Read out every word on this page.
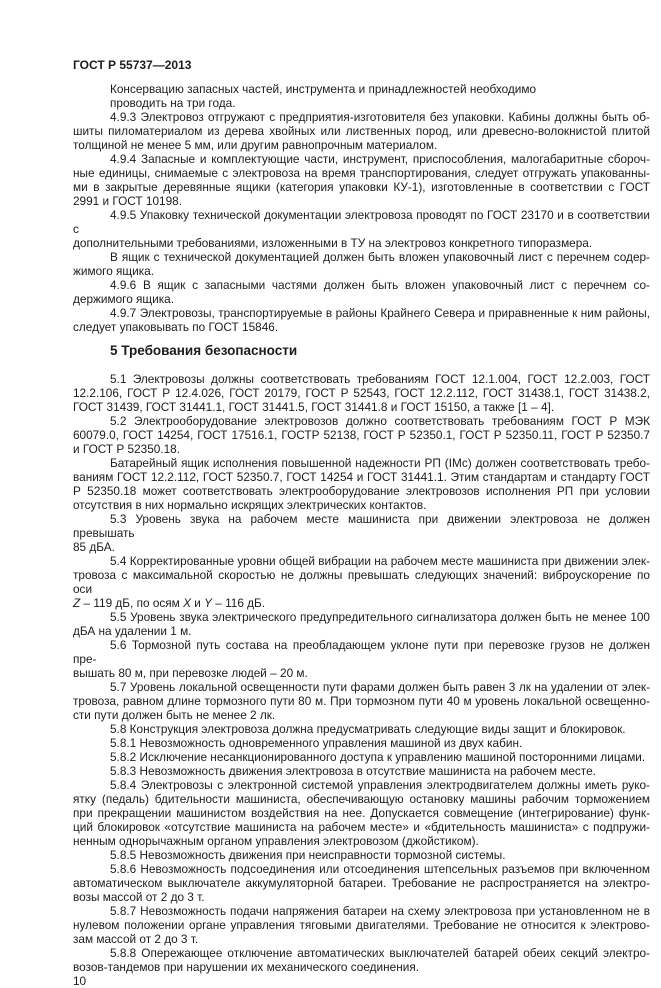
ГОСТ Р 55737—2013

Консервацию запасных частей, инструмента и принадлежностей необходимо
проводить на три года.

4.9.3 Электровоз отгружают с предприятия-изготовителя без упаковки. Кабины должны быть об-
шиты пиломатериалом из дерева хвойных или лиственных пород, или древесно-волокнистой плитой
толщиной не менее 5 мм, или другим равнопрочным материалом.

4.9.4 Запасные и комплектующие части, инструмент, приспособления, малогабаритные сбороч-
ные единицы, снимаемые с электровоза на время транспортирования, следует отгружать упакованны-
ми в закрытые деревянные ящики (категория упаковки КУ-1), изготовленные в соответствии с ГОСТ
2991 и ГОСТ 10198.

4.9.5 Упаковку технической документации электровоза проводят по ГОСТ 23170 и в соответствии с
дополнительными требованиями, изложенными в ТУ на электровоз конкретного типоразмера.

В ящик с технической документацией должен быть вложен упаковочный лист с перечнем содер-
жимого ящика.

4.9.6 В ящик с запасными частями должен быть вложен упаковочный лист с перечнем со-
держимого ящика.

4.9.7 Электровозы, транспортируемые в районы Крайнего Севера и приравненные к ним районы,
следует упаковывать по ГОСТ 15846.

5 Требования безопасности

5.1 Электровозы должны соответствовать требованиям ГОСТ 12.1.004, ГОСТ 12.2.003, ГОСТ
12.2.106, ГОСТ Р 12.4.026, ГОСТ 20179, ГОСТ Р 52543, ГОСТ 12.2.112, ГОСТ 31438.1, ГОСТ 31438.2,
ГОСТ 31439, ГОСТ 31441.1, ГОСТ 31441.5, ГОСТ 31441.8 и ГОСТ 15150, а также [1 – 4].

5.2 Электрооборудование электровозов должно соответствовать требованиям ГОСТ Р МЭК
60079.0, ГОСТ 14254, ГОСТ 17516.1, ГОСТР 52138, ГОСТ Р 52350.1, ГОСТ Р 52350.11, ГОСТ Р 52350.7
и ГОСТ Р 52350.18.

Батарейный ящик исполнения повышенной надежности РП (IMс) должен соответствовать требо-
ваниям ГОСТ 12.2.112, ГОСТ 52350.7, ГОСТ 14254 и ГОСТ 31441.1. Этим стандартам и стандарту ГОСТ
Р 52350.18 может соответствовать электрооборудование электровозов исполнения РП при условии
отсутствия в них нормально искрящих электрических контактов.

5.3 Уровень звука на рабочем месте машиниста при движении электровоза не должен превышать
85 дБА.

5.4 Корректированные уровни общей вибрации на рабочем месте машиниста при движении элек-
тровоза с максимальной скоростью не должны превышать следующих значений: виброускорение по оси
Z – 119 дБ, по осям X и Y – 116 дБ.

5.5 Уровень звука электрического предупредительного сигнализатора должен быть не менее 100
дБА на удалении 1 м.

5.6 Тормозной путь состава на преобладающем уклоне пути при перевозке грузов не должен пре-
вышать 80 м, при перевозке людей – 20 м.

5.7 Уровень локальной освещенности пути фарами должен быть равен 3 лк на удалении от элек-
тровоза, равном длине тормозного пути 80 м. При тормозном пути 40 м уровень локальной освещенно-
сти пути должен быть не менее 2 лк.

5.8 Конструкция электровоза должна предусматривать следующие виды защит и блокировок.

5.8.1 Невозможность одновременного управления машиной из двух кабин.

5.8.2 Исключение несанкционированного доступа к управлению машиной посторонними лицами.

5.8.3 Невозможность движения электровоза в отсутствие машиниста на рабочем месте.

5.8.4 Электровозы с электронной системой управления электродвигателем должны иметь руко-
ятку (педаль) бдительности машиниста, обеспечивающую остановку машины рабочим торможением
при прекращении машинистом воздействия на нее. Допускается совмещение (интегрирование) функ-
ций блокировок «отсутствие машиниста на рабочем месте» и «бдительность машиниста» с подпружи-
ненным однорычажным органом управления электровозом (джойстиком).

5.8.5 Невозможность движения при неисправности тормозной системы.

5.8.6 Невозможность подсоединения или отсоединения штепсельных разъемов при включенном
автоматическом выключателе аккумуляторной батареи. Требование не распространяется на электро-
возы массой от 2 до 3 т.

5.8.7 Невозможность подачи напряжения батареи на схему электровоза при установленном не в
нулевом положении органе управления тяговыми двигателями. Требование не относится к электрово-
зам массой от 2 до 3 т.

5.8.8 Опережающее отключение автоматических выключателей батарей обеих секций электро-
возов-тандемов при нарушении их механического соединения.

10
